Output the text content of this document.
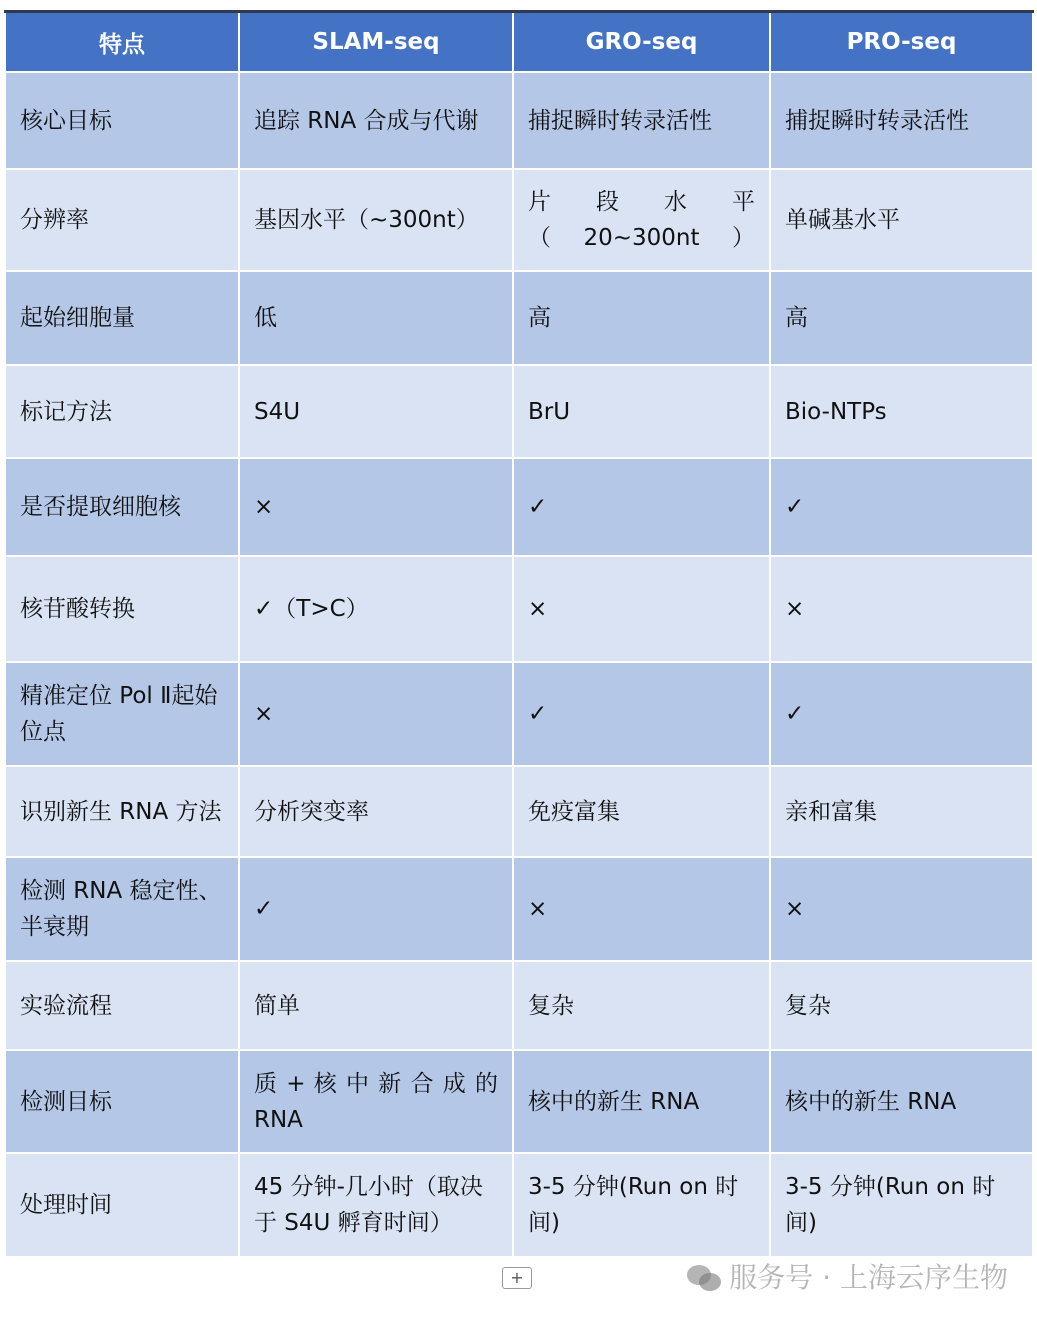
特点	SLAM-seq	GRO-seq	PRO-seq
核心目标	追踪 RNA 合成与代谢	捕捉瞬时转录活性	捕捉瞬时转录活性
分辨率	基因水平（~300nt）	片 段 水 平（20~300nt）	单碱基水平
起始细胞量	低	高	高
标记方法	S4U	BrU	Bio-NTPs
是否提取细胞核	×	✓	✓
核苷酸转换	✓（T>C）	×	×
精准定位 Pol Ⅱ起始位点	×	✓	✓
识别新生 RNA 方法	分析突变率	免疫富集	亲和富集
检测 RNA 稳定性、半衰期	✓	×	×
实验流程	简单	复杂	复杂
检测目标	质 + 核 中 新 合 成 的 RNA	核中的新生 RNA	核中的新生 RNA
处理时间	45 分钟-几小时（取决于 S4U 孵育时间）	3-5 分钟(Run on 时间)	3-5 分钟(Run on 时间)
+	服务号 · 上海云序生物
